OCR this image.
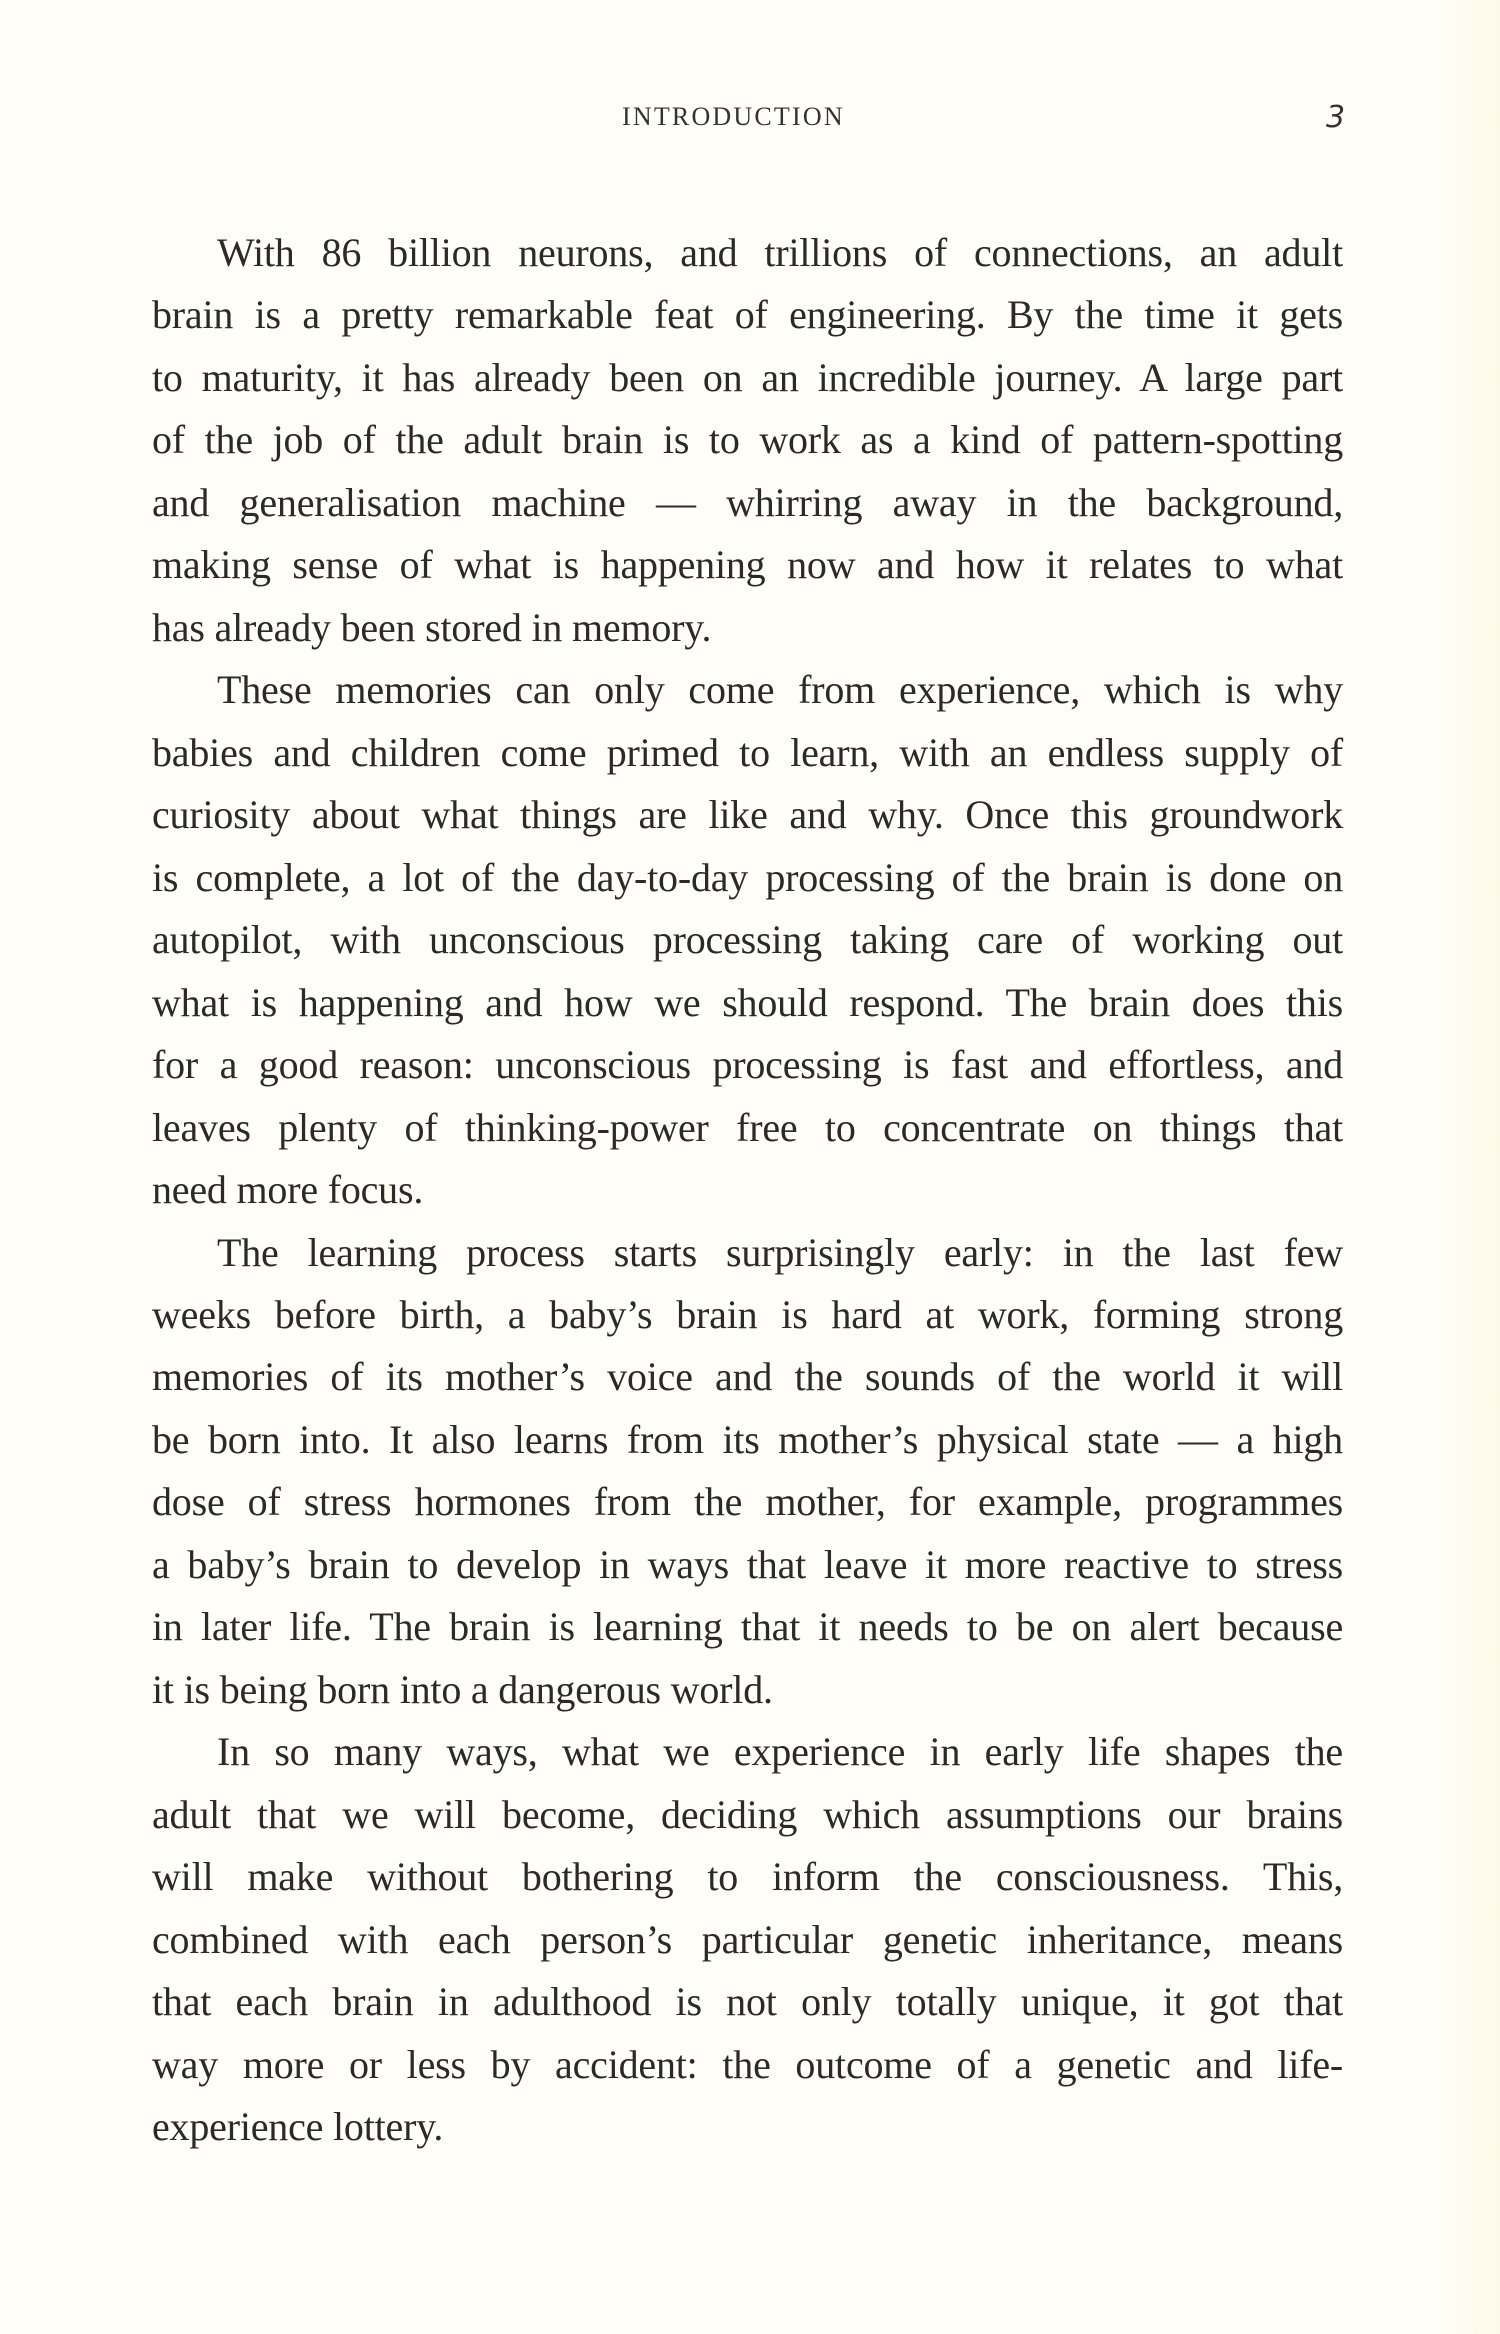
INTRODUCTION	3

With 86 billion neurons, and trillions of connections, an adult
brain is a pretty remarkable feat of engineering. By the time it gets
to maturity, it has already been on an incredible journey. A large part
of the job of the adult brain is to work as a kind of pattern-spotting
and generalisation machine — whirring away in the background,
making sense of what is happening now and how it relates to what
has already been stored in memory.

These memories can only come from experience, which is why
babies and children come primed to learn, with an endless supply of
curiosity about what things are like and why. Once this groundwork
is complete, a lot of the day-to-day processing of the brain is done on
autopilot, with unconscious processing taking care of working out
what is happening and how we should respond. The brain does this
for a good reason: unconscious processing is fast and effortless, and
leaves plenty of thinking-power free to concentrate on things that
need more focus.

The learning process starts surprisingly early: in the last few
weeks before birth, a baby’s brain is hard at work, forming strong
memories of its mother’s voice and the sounds of the world it will
be born into. It also learns from its mother’s physical state — a high
dose of stress hormones from the mother, for example, programmes
a baby’s brain to develop in ways that leave it more reactive to stress
in later life. The brain is learning that it needs to be on alert because
it is being born into a dangerous world.

In so many ways, what we experience in early life shapes the
adult that we will become, deciding which assumptions our brains
will make without bothering to inform the consciousness. This,
combined with each person’s particular genetic inheritance, means
that each brain in adulthood is not only totally unique, it got that
way more or less by accident: the outcome of a genetic and life-
experience lottery.
